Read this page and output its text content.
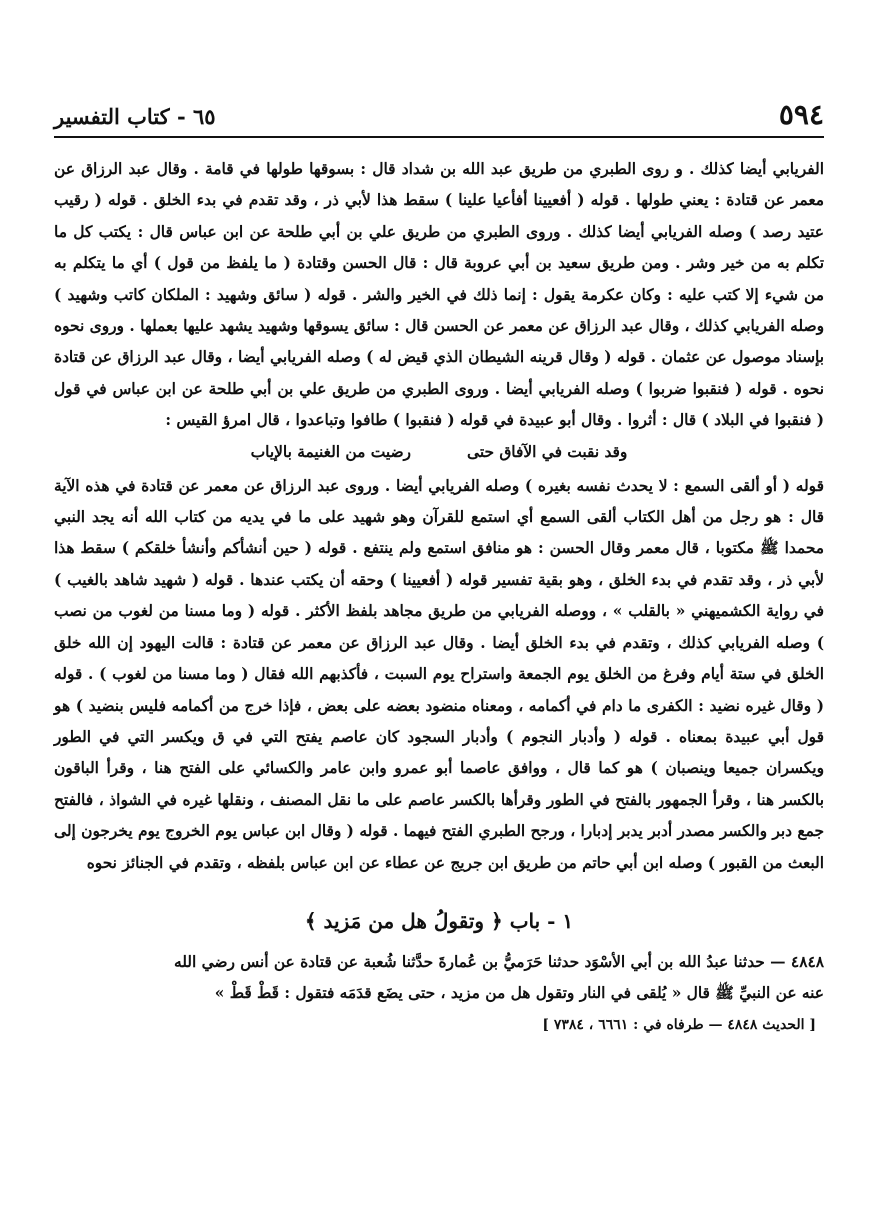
٥٩٤
٦٥ - كتاب التفسير

الفريابي أيضا كذلك . و روى الطبري من طريق عبد الله بن شداد قال : بسوقها طولها في قامة . وقال عبد الرزاق عن معمر عن قتادة : يعني طولها . قوله ( أفعيينا أفأعيا علينا ) سقط هذا لأبي ذر ، وقد تقدم في بدء الخلق . قوله ( رقيب عتيد رصد ) وصله الفريابي أيضا كذلك . وروى الطبري من طريق علي بن أبي طلحة عن ابن عباس قال : يكتب كل ما تكلم به من خير وشر . ومن طريق سعيد بن أبي عروبة قال : قال الحسن وقتادة ( ما يلفظ من قول ) أي ما يتكلم به من شيء إلا كتب عليه : وكان عكرمة يقول : إنما ذلك في الخير والشر . قوله ( سائق وشهيد : الملكان كاتب وشهيد ) وصله الفريابي كذلك ، وقال عبد الرزاق عن معمر عن الحسن قال : سائق يسوقها وشهيد يشهد عليها بعملها . وروى نحوه بإسناد موصول عن عثمان . قوله ( وقال قرينه الشيطان الذي قيض له ) وصله الفريابي أيضا ، وقال عبد الرزاق عن قتادة نحوه . قوله ( فنقبوا ضربوا ) وصله الفريابي أيضا . وروى الطبري من طريق علي بن أبي طلحة عن ابن عباس في قول ( فنقبوا في البلاد ) قال : أثروا . وقال أبو عبيدة في قوله ( فنقبوا ) طافوا وتباعدوا ، قال امرؤ القيس :

وقد نقبت في الآفاق حتى
رضيت من الغنيمة بالإياب

قوله ( أو ألقى السمع : لا يحدث نفسه بغيره ) وصله الفريابي أيضا . وروى عبد الرزاق عن معمر عن قتادة في هذه الآية قال : هو رجل من أهل الكتاب ألقى السمع أي استمع للقرآن وهو شهيد على ما في يديه من كتاب الله أنه يجد النبي محمدا ﷺ مكتوبا ، قال معمر وقال الحسن : هو منافق استمع ولم ينتفع . قوله ( حين أنشأكم وأنشأ خلقكم ) سقط هذا لأبي ذر ، وقد تقدم في بدء الخلق ، وهو بقية تفسير قوله ( أفعيينا ) وحقه أن يكتب عندها . قوله ( شهيد شاهد بالغيب ) في رواية الكشميهني « بالقلب » ، ووصله الفريابي من طريق مجاهد بلفظ الأكثر . قوله ( وما مسنا من لغوب من نصب ) وصله الفريابي كذلك ، وتقدم في بدء الخلق أيضا . وقال عبد الرزاق عن معمر عن قتادة : قالت اليهود إن الله خلق الخلق في ستة أيام وفرغ من الخلق يوم الجمعة واستراح يوم السبت ، فأكذبهم الله فقال ( وما مسنا من لغوب ) . قوله ( وقال غيره نضيد : الكفرى ما دام في أكمامه ، ومعناه منضود بعضه على بعض ، فإذا خرج من أكمامه فليس بنضيد ) هو قول أبي عبيدة بمعناه . قوله ( وأدبار النجوم ) وأدبار السجود كان عاصم يفتح التي في ق ويكسر التي في الطور ويكسران جميعا وينصبان ) هو كما قال ، ووافق عاصما أبو عمرو وابن عامر والكسائي على الفتح هنا ، وقرأ الباقون بالكسر هنا ، وقرأ الجمهور بالفتح في الطور وقرأها بالكسر عاصم على ما نقل المصنف ، ونقلها غيره في الشواذ ، فالفتح جمع دبر والكسر مصدر أدبر يدبر إدبارا ، ورجح الطبري الفتح فيهما . قوله ( وقال ابن عباس يوم الخروج يوم يخرجون إلى البعث من القبور ) وصله ابن أبي حاتم من طريق ابن جريج عن عطاء عن ابن عباس بلفظه ، وتقدم في الجنائز نحوه

١ - باب ﴿ وتقولُ هل من مَزيد ﴾
٤٨٤٨ — حدثنا عبدُ الله بن أبي الأسْوَد حدثنا حَرَميُّ بن عُمارةَ حدَّثنا شُعبة عن قتادة عن أنس رضي الله
عنه عن النبيِّ ﷺ قال « يُلقى في النار وتقول هل من مزيد ، حتى يضَع قدَمَه فتقول : قَطْ قَطْ »
[ الحديث ٤٨٤٨ — طرفاه في : ٦٦٦١ ، ٧٣٨٤ ]
